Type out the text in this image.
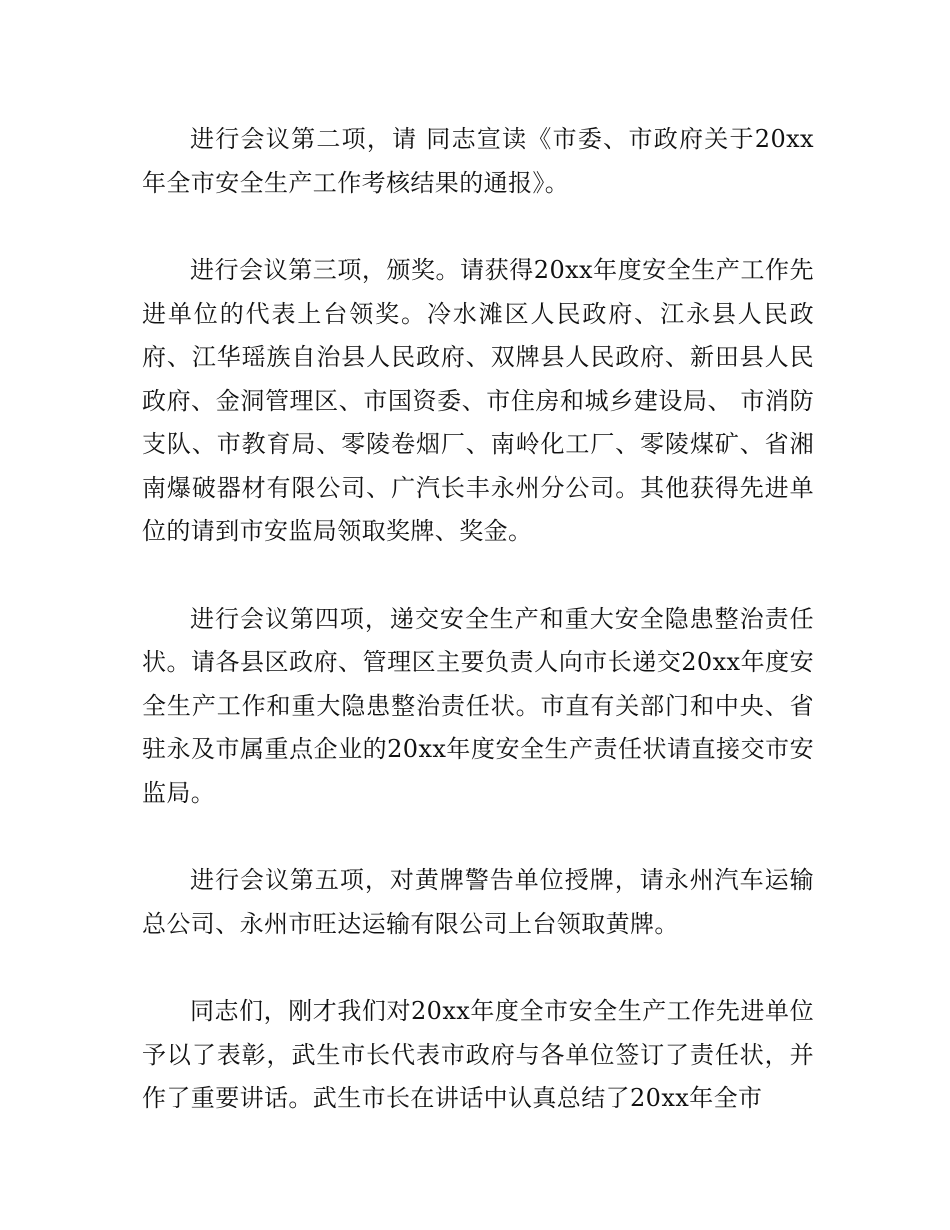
进行会议第二项，请 同志宣读《市委、市政府关于20xx年全市安全生产工作考核结果的通报》。

进行会议第三项，颁奖。请获得20xx年度安全生产工作先进单位的代表上台领奖。冷水滩区人民政府、江永县人民政府、江华瑶族自治县人民政府、双牌县人民政府、新田县人民政府、金洞管理区、市国资委、市住房和城乡建设局、 市消防支队、市教育局、零陵卷烟厂、南岭化工厂、零陵煤矿、省湘南爆破器材有限公司、广汽长丰永州分公司。其他获得先进单位的请到市安监局领取奖牌、奖金。

进行会议第四项，递交安全生产和重大安全隐患整治责任状。请各县区政府、管理区主要负责人向市长递交20xx年度安全生产工作和重大隐患整治责任状。市直有关部门和中央、省驻永及市属重点企业的20xx年度安全生产责任状请直接交市安监局。

进行会议第五项，对黄牌警告单位授牌，请永州汽车运输总公司、永州市旺达运输有限公司上台领取黄牌。

同志们，刚才我们对20xx年度全市安全生产工作先进单位予以了表彰，武生市长代表市政府与各单位签订了责任状，并作了重要讲话。武生市长在讲话中认真总结了20xx年全市
